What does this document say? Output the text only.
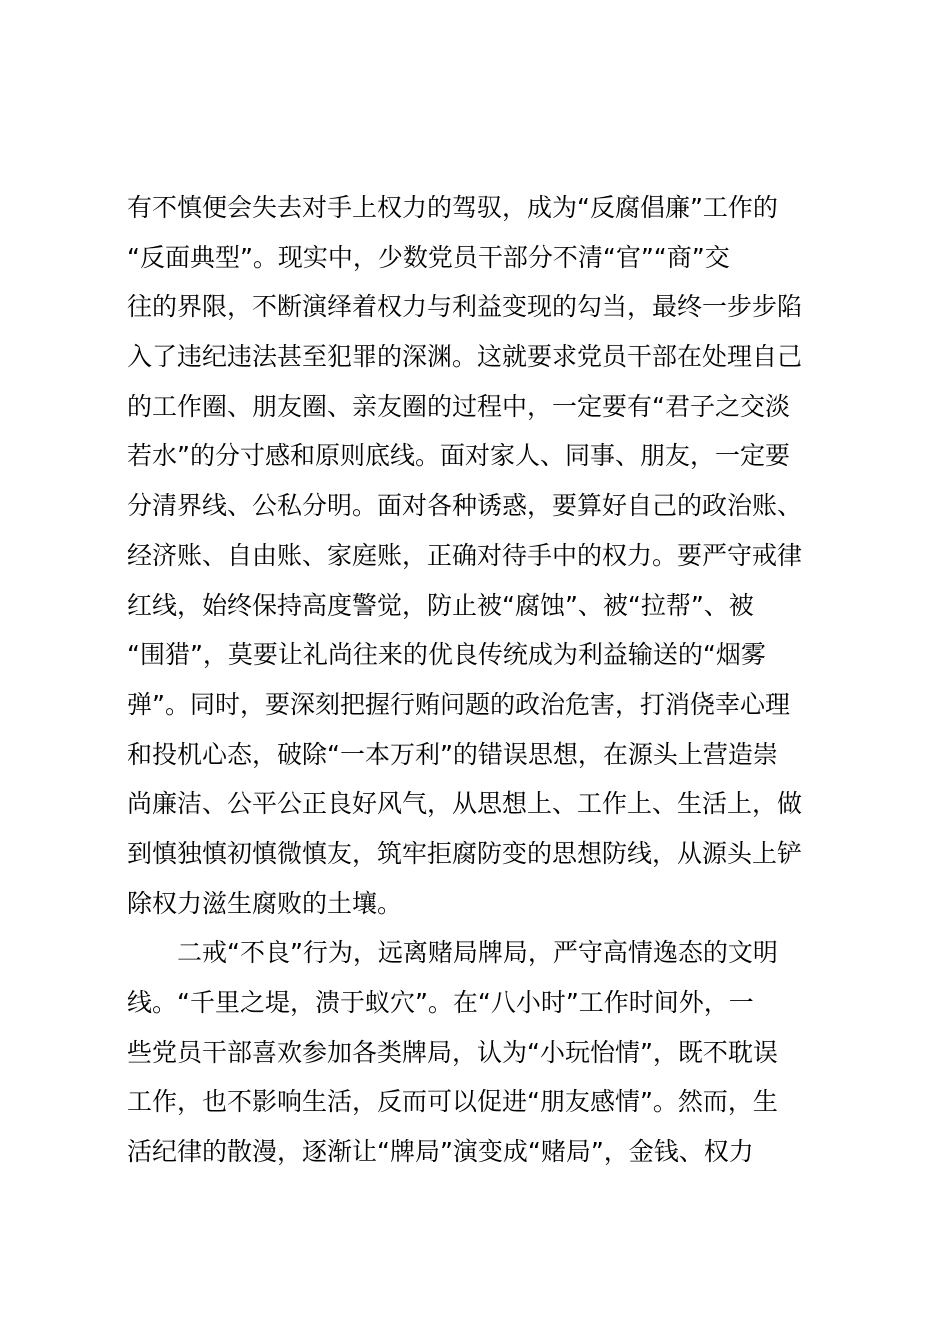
有不慎便会失去对手上权力的驾驭，成为“反腐倡廉”工作的
“反面典型”。现实中，少数党员干部分不清“官”“商”交
往的界限，不断演绎着权力与利益变现的勾当，最终一步步陷
入了违纪违法甚至犯罪的深渊。这就要求党员干部在处理自己
的工作圈、朋友圈、亲友圈的过程中，一定要有“君子之交淡
若水”的分寸感和原则底线。面对家人、同事、朋友，一定要
分清界线、公私分明。面对各种诱惑，要算好自己的政治账、
经济账、自由账、家庭账，正确对待手中的权力。要严守戒律
红线，始终保持高度警觉，防止被“腐蚀”、被“拉帮”、被
“围猎”，莫要让礼尚往来的优良传统成为利益输送的“烟雾
弹”。同时，要深刻把握行贿问题的政治危害，打消侥幸心理
和投机心态，破除“一本万利”的错误思想，在源头上营造崇
尚廉洁、公平公正良好风气，从思想上、工作上、生活上，做
到慎独慎初慎微慎友，筑牢拒腐防变的思想防线，从源头上铲
除权力滋生腐败的土壤。
　　二戒“不良”行为，远离赌局牌局，严守高情逸态的文明
线。“千里之堤，溃于蚁穴”。在“八小时”工作时间外，一
些党员干部喜欢参加各类牌局，认为“小玩怡情”，既不耽误
工作，也不影响生活，反而可以促进“朋友感情”。然而，生
活纪律的散漫，逐渐让“牌局”演变成“赌局”，金钱、权力
